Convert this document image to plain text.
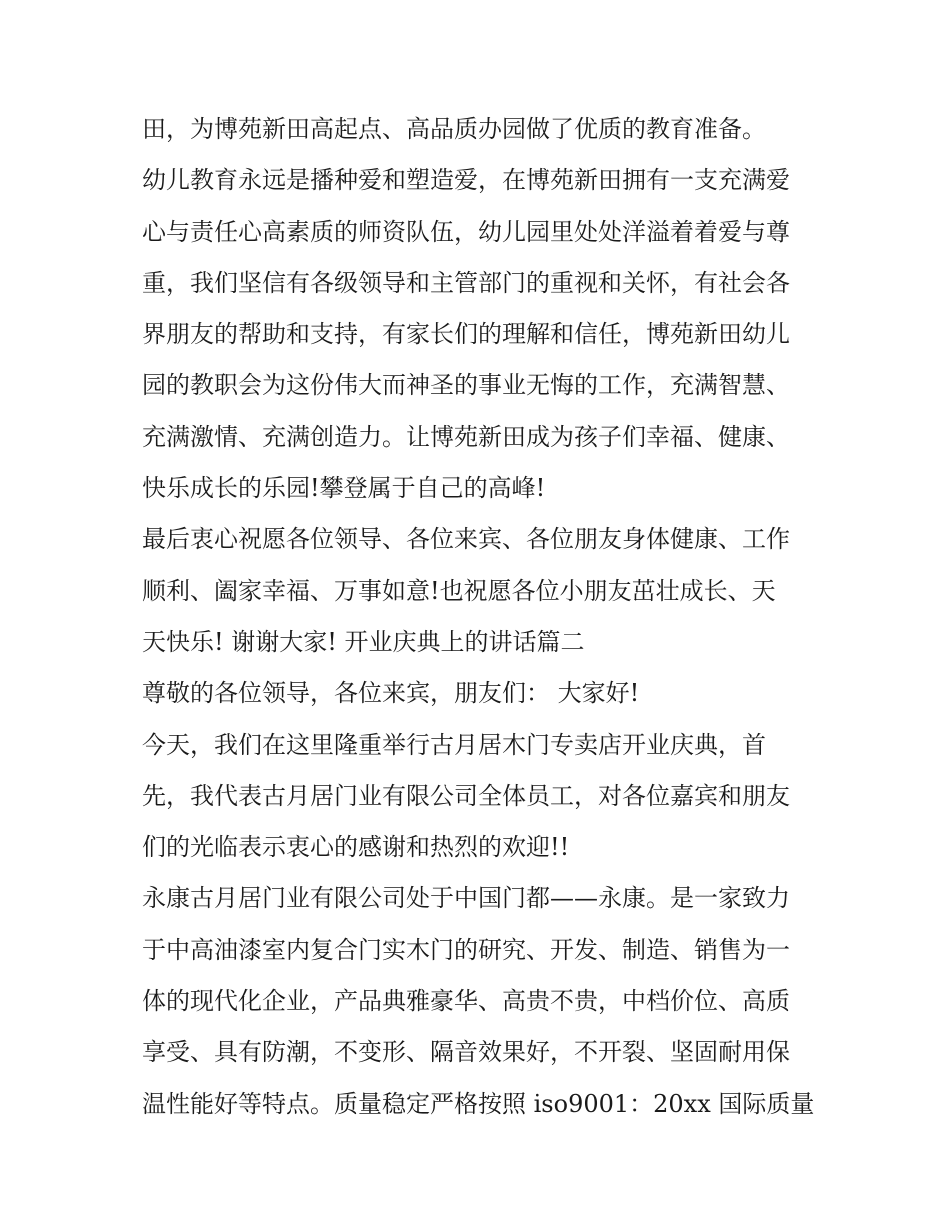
田，为博苑新田高起点、高品质办园做了优质的教育准备。
幼儿教育永远是播种爱和塑造爱，在博苑新田拥有一支充满爱
心与责任心高素质的师资队伍，幼儿园里处处洋溢着着爱与尊
重，我们坚信有各级领导和主管部门的重视和关怀，有社会各
界朋友的帮助和支持，有家长们的理解和信任，博苑新田幼儿
园的教职会为这份伟大而神圣的事业无悔的工作，充满智慧、
充满激情、充满创造力。让博苑新田成为孩子们幸福、健康、
快乐成长的乐园!攀登属于自己的高峰!
最后衷心祝愿各位领导、各位来宾、各位朋友身体健康、工作
顺利、阖家幸福、万事如意!也祝愿各位小朋友茁壮成长、天
天快乐! 谢谢大家! 开业庆典上的讲话篇二
尊敬的各位领导，各位来宾，朋友们： 大家好!
今天，我们在这里隆重举行古月居木门专卖店开业庆典，首
先，我代表古月居门业有限公司全体员工，对各位嘉宾和朋友
们的光临表示衷心的感谢和热烈的欢迎!!
永康古月居门业有限公司处于中国门都——永康。是一家致力
于中高油漆室内复合门实木门的研究、开发、制造、销售为一
体的现代化企业，产品典雅豪华、高贵不贵，中档价位、高质
享受、具有防潮，不变形、隔音效果好，不开裂、坚固耐用保
温性能好等特点。质量稳定严格按照 iso9001：20xx 国际质量
